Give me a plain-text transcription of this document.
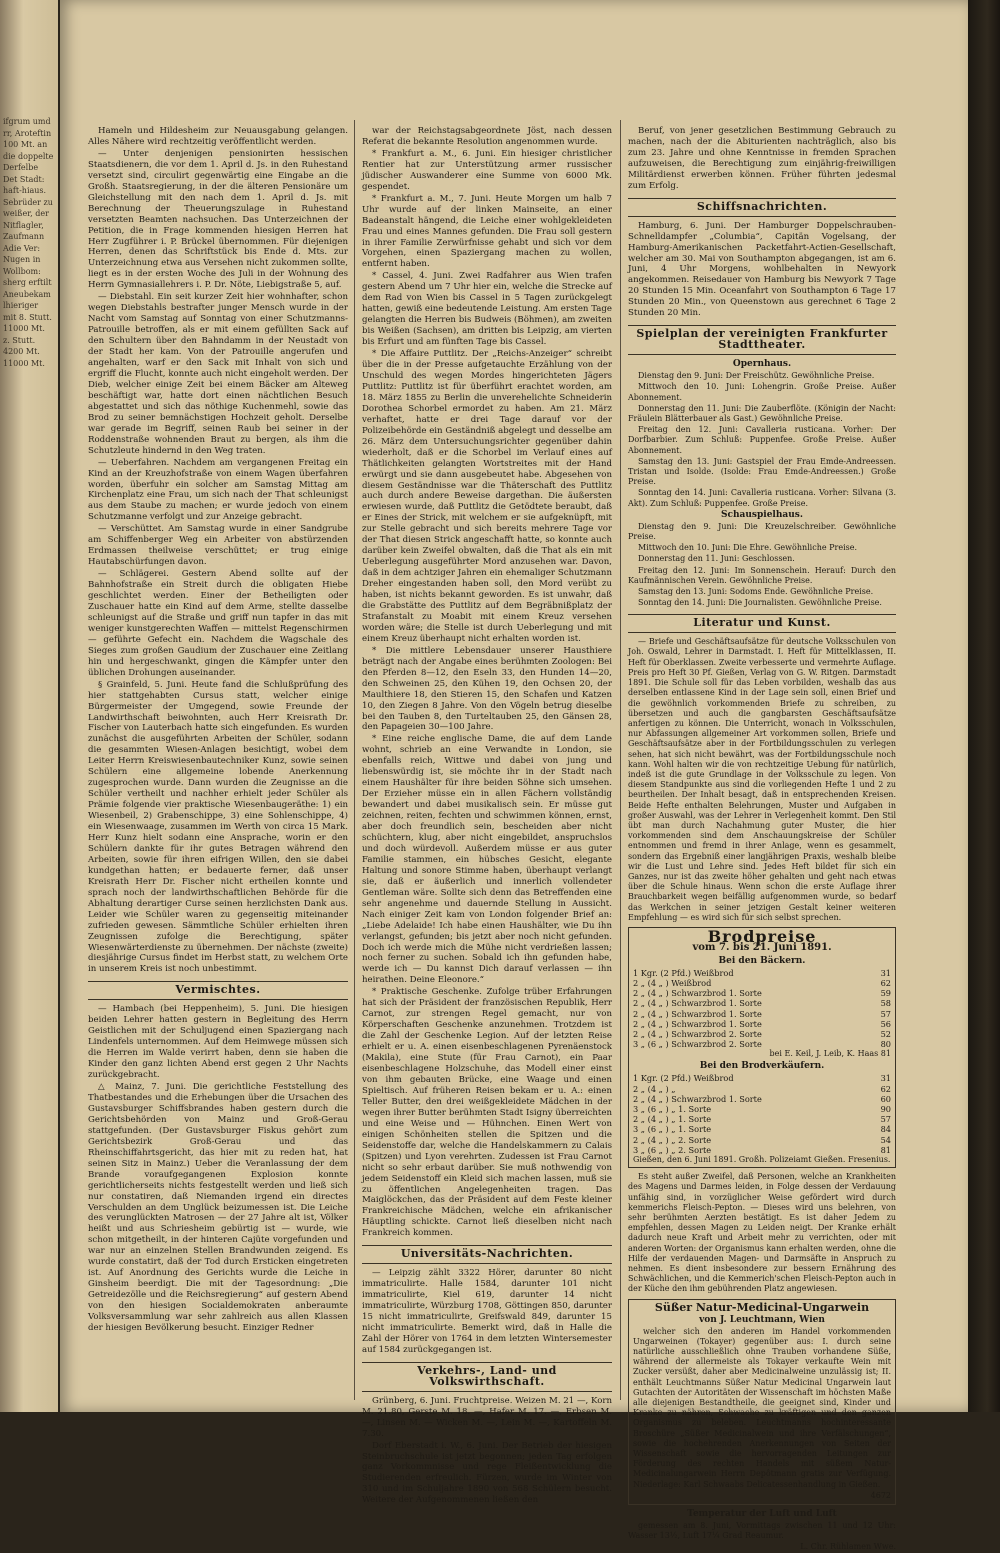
ifgrum umd
rr, Aroteftin
100 Mt. an
die doppelte
Derfelbe
Det Stadt:
haft-hiaus.
Sebrüder zu
weißer, der
Nitflagler,
Zaufmann
Adie Ver:
Nugen in
Wollbom:
sherg erftilt
Aneubekam
lhieriger
mit 8. Stutt.
11000 Mt.
z. Stutt.
4200 Mt.
11000 Mt.

Hameln und Hildesheim zur Neuausgabung gelangen. Alles Nähere wird rechtzeitig veröffentlicht werden.

— Unter denjenigen pensionirten hessischen Staatsdienern, die vor dem 1. April d. Js. in den Ruhestand versetzt sind, circulirt gegenwärtig eine Eingabe an die Großh. Staatsregierung, in der die älteren Pensionäre um Gleichstellung mit den nach dem 1. April d. Js. mit Berechnung der Theuerungszulage in Ruhestand versetzten Beamten nachsuchen. Das Unterzeichnen der Petition, die in Frage kommenden hiesigen Herren hat Herr Zugführer i. P. Brückel übernommen. Für diejenigen Herren, denen das Schriftstück bis Ende d. Mts. zur Unterzeichnung etwa aus Versehen nicht zukommen sollte, liegt es in der ersten Woche des Juli in der Wohnung des Herrn Gymnasiallehrers i. P. Dr. Nöte, Liebigstraße 5, auf.

— Diebstahl. Ein seit kurzer Zeit hier wohnhafter, schon wegen Diebstahls bestrafter junger Mensch wurde in der Nacht vom Samstag auf Sonntag von einer Schutzmanns-Patrouille betroffen, als er mit einem gefüllten Sack auf den Schultern über den Bahndamm in der Neustadt von der Stadt her kam. Von der Patrouille angerufen und angehalten, warf er den Sack mit Inhalt von sich und ergriff die Flucht, konnte auch nicht eingeholt werden. Der Dieb, welcher einige Zeit bei einem Bäcker am Alteweg beschäftigt war, hatte dort einen nächtlichen Besuch abgestattet und sich das nöthige Kuchenmehl, sowie das Brod zu seiner bemnächstigen Hochzeit geholt. Derselbe war gerade im Begriff, seinen Raub bei seiner in der Roddenstraße wohnenden Braut zu bergen, als ihm die Schutzleute hindernd in den Weg traten.

— Ueberfahren. Nachdem am vergangenen Freitag ein Kind an der Kreuzhofstraße von einem Wagen überfahren worden, überfuhr ein solcher am Samstag Mittag am Kirchenplatz eine Frau, um sich nach der That schleunigst aus dem Staube zu machen; er wurde jedoch von einem Schutzmanne verfolgt und zur Anzeige gebracht.

— Verschüttet. Am Samstag wurde in einer Sandgrube am Schiffenberger Weg ein Arbeiter von abstürzenden Erdmassen theilweise verschüttet; er trug einige Hautabschürfungen davon.

— Schlägerei. Gestern Abend sollte auf der Bahnhofstraße ein Streit durch die obligaten Hiebe geschlichtet werden. Einer der Betheiligten oder Zuschauer hatte ein Kind auf dem Arme, stellte dasselbe schleunigst auf die Straße und griff nun tapfer in das mit weniger kunstgerechten Waffen — mittelst Regenschirmen — geführte Gefecht ein. Nachdem die Wagschale des Sieges zum großen Gaudium der Zuschauer eine Zeitlang hin und hergeschwankt, gingen die Kämpfer unter den üblichen Drohungen auseinander.

§ Grainfeld, 5. Juni. Heute fand die Schlußprüfung des hier stattgehabten Cursus statt, welcher einige Bürgermeister der Umgegend, sowie Freunde der Landwirthschaft beiwohnten, auch Herr Kreisrath Dr. Fischer von Lauterbach hatte sich eingefunden. Es wurden zunächst die ausgeführten Arbeiten der Schüler, sodann die gesammten Wiesen-Anlagen besichtigt, wobei dem Leiter Herrn Kreiswiesenbautechniker Kunz, sowie seinen Schülern eine allgemeine lobende Anerkennung zugesprochen wurde. Dann wurden die Zeugnisse an die Schüler vertheilt und nachher erhielt jeder Schüler als Prämie folgende vier praktische Wiesenbaugeräthe: 1) ein Wiesenbeil, 2) Grabenschippe, 3) eine Sohlenschippe, 4) ein Wiesenwaage, zusammen im Werth von circa 15 Mark. Herr Kunz hielt sodann eine Ansprache, worin er den Schülern dankte für ihr gutes Betragen während den Arbeiten, sowie für ihren eifrigen Willen, den sie dabei kundgethan hatten; er bedauerte ferner, daß unser Kreisrath Herr Dr. Fischer nicht ertheilen konnte und sprach noch der landwirthschaftlichen Behörde für die Abhaltung derartiger Curse seinen herzlichsten Dank aus. Leider wie Schüler waren zu gegenseitig miteinander zufrieden gewesen. Sämmtliche Schüler erhielten ihren Zeugnissen zufolge die Berechtigung, später Wiesenwärterdienste zu übernehmen. Der nächste (zweite) diesjährige Cursus findet im Herbst statt, zu welchem Orte in unserem Kreis ist noch unbestimmt.

Vermischtes.

— Hambach (bei Heppenheim), 5. Juni. Die hiesigen beiden Lehrer hatten gestern in Begleitung des Herrn Geistlichen mit der Schuljugend einen Spaziergang nach Lindenfels unternommen. Auf dem Heimwege müssen sich die Herren im Walde verirrt haben, denn sie haben die Kinder den ganz lichten Abend erst gegen 2 Uhr Nachts zurückgebracht.

△ Mainz, 7. Juni. Die gerichtliche Feststellung des Thatbestandes und die Erhebungen über die Ursachen des Gustavsburger Schiffsbrandes haben gestern durch die Gerichtsbehörden von Mainz und Groß-Gerau stattgefunden. (Der Gustavsburger Fiskus gehört zum Gerichtsbezirk Groß-Gerau und das Rheinschiffahrtsgericht, das hier mit zu reden hat, hat seinen Sitz in Mainz.) Ueber die Veranlassung der dem Brande voraufgegangenen Explosion konnte gerichtlicherseits nichts festgestellt werden und ließ sich nur constatiren, daß Niemanden irgend ein directes Verschulden an dem Unglück beizumessen ist. Die Leiche des verunglückten Matrosen — der 27 Jahre alt ist, Völker heißt und aus Schriesheim gebürtig ist — wurde, wie schon mitgetheilt, in der hinteren Cajüte vorgefunden und war nur an einzelnen Stellen Brandwunden zeigend. Es wurde constatirt, daß der Tod durch Ersticken eingetreten ist. Auf Anordnung des Gerichts wurde die Leiche in Ginsheim beerdigt. Die mit der Tagesordnung: „Die Getreidezölle und die Reichsregierung“ auf gestern Abend von den hiesigen Socialdemokraten anberaumte Volksversammlung war sehr zahlreich aus allen Klassen der hiesigen Bevölkerung besucht. Einziger Redner

war der Reichstagsabgeordnete Jöst, nach dessen Referat die bekannte Resolution angenommen wurde.

* Frankfurt a. M., 6. Juni. Ein hiesiger christlicher Rentier hat zur Unterstützung armer russischer jüdischer Auswanderer eine Summe von 6000 Mk. gespendet.

* Frankfurt a. M., 7. Juni. Heute Morgen um halb 7 Uhr wurde auf der linken Mainseite, an einer Badeanstalt hängend, die Leiche einer wohlgekleideten Frau und eines Mannes gefunden. Die Frau soll gestern in ihrer Familie Zerwürfnisse gehabt und sich vor dem Vorgehen, einen Spaziergang machen zu wollen, entfernt haben.

* Cassel, 4. Juni. Zwei Radfahrer aus Wien trafen gestern Abend um 7 Uhr hier ein, welche die Strecke auf dem Rad von Wien bis Cassel in 5 Tagen zurückgelegt hatten, gewiß eine bedeutende Leistung. Am ersten Tage gelangten die Herren bis Budweis (Böhmen), am zweiten bis Weißen (Sachsen), am dritten bis Leipzig, am vierten bis Erfurt und am fünften Tage bis Cassel.

* Die Affaire Puttlitz. Der „Reichs-Anzeiger“ schreibt über die in der Presse aufgetauchte Erzählung von der Unschuld des wegen Mordes hingerichteten Jägers Puttlitz: Puttlitz ist für überführt erachtet worden, am 18. März 1855 zu Berlin die unverehelichte Schneiderin Dorothea Schorbel ermordet zu haben. Am 21. März verhaftet, hatte er drei Tage darauf vor der Polizeibehörde ein Geständniß abgelegt und desselbe am 26. März dem Untersuchungsrichter gegenüber dahin wiederholt, daß er die Schorbel im Verlauf eines auf Thätlichkeiten gelangten Wortstreites mit der Hand erwürgt und sie dann ausgebeutet habe. Abgesehen von diesem Geständnisse war die Thäterschaft des Puttlitz auch durch andere Beweise dargethan. Die äußersten erwiesen wurde, daß Puttlitz die Getödtete beraubt, daß er Eines der Strick, mit welchem er sie aufgeknüpft, mit zur Stelle gebracht und sich bereits mehrere Tage vor der That diesen Strick angeschafft hatte, so konnte auch darüber kein Zweifel obwalten, daß die That als ein mit Ueberlegung ausgeführter Mord anzusehen war. Davon, daß in dem achtziger Jahren ein ehemaliger Schutzmann Dreher eingestanden haben soll, den Mord verübt zu haben, ist nichts bekannt geworden. Es ist unwahr, daß die Grabstätte des Puttlitz auf dem Begräbnißplatz der Strafanstalt zu Moabit mit einem Kreuz versehen worden wäre; die Stelle ist durch Ueberlegung und mit einem Kreuz überhaupt nicht erhalten worden ist.

* Die mittlere Lebensdauer unserer Hausthiere beträgt nach der Angabe eines berühmten Zoologen: Bei den Pferden 8—12, den Eseln 33, den Hunden 14—20, den Schweinen 25, den Kühen 19, den Ochsen 20, der Maulthiere 18, den Stieren 15, den Schafen und Katzen 10, den Ziegen 8 Jahre. Von den Vögeln betrug dieselbe bei den Tauben 8, den Turteltauben 25, den Gänsen 28, den Papageien 30—100 Jahre.

* Eine reiche englische Dame, die auf dem Lande wohnt, schrieb an eine Verwandte in London, sie ebenfalls reich, Wittwe und dabei von jung und liebenswürdig ist, sie möchte ihr in der Stadt nach einem Haushälter für ihre beiden Söhne sich umsehen. Der Erzieher müsse ein in allen Fächern vollständig bewandert und dabei musikalisch sein. Er müsse gut zeichnen, reiten, fechten und schwimmen können, ernst, aber doch freundlich sein, bescheiden aber nicht schüchtern, klug, aber nicht eingebildet, anspruchslos und doch würdevoll. Außerdem müsse er aus guter Familie stammen, ein hübsches Gesicht, elegante Haltung und sonore Stimme haben, überhaupt verlangt sie, daß er äußerlich und innerlich vollendeter Gentleman wäre. Sollte sich denn das Betreffenden eine sehr angenehme und dauernde Stellung in Aussicht. Nach einiger Zeit kam von London folgender Brief an: „Liebe Adelaide! Ich habe einen Haushälter, wie Du ihn verlangst, gefunden; bis jetzt aber noch nicht gefunden. Doch ich werde mich die Mühe nicht verdrießen lassen; noch ferner zu suchen. Sobald ich ihn gefunden habe, werde ich — Du kannst Dich darauf verlassen — ihn heirathen. Deine Eleonore.“

* Praktische Geschenke. Zufolge trüber Erfahrungen hat sich der Präsident der französischen Republik, Herr Carnot, zur strengen Regel gemacht, nur von Körperschaften Geschenke anzunehmen. Trotzdem ist die Zahl der Geschenke Legion. Auf der letzten Reise erhielt er u. A. einen eisenbeschlagenen Pyrenäenstock (Makila), eine Stute (für Frau Carnot), ein Paar eisenbeschlagene Holzschuhe, das Modell einer einst von ihm gebauten Brücke, eine Waage und einen Spieltisch. Auf früheren Reisen bekam er u. A.: einen Teller Butter, den drei weißgekleidete Mädchen in der wegen ihrer Butter berühmten Stadt Isigny überreichten und eine Weise und — Hühnchen. Einen Wert von einigen Schönheiten stellen die Spitzen und die Seidenstoffe dar, welche die Handelskammern zu Calais (Spitzen) und Lyon verehrten. Zudessen ist Frau Carnot nicht so sehr erbaut darüber. Sie muß nothwendig von jedem Seidenstoff ein Kleid sich machen lassen, muß sie zu öffentlichen Angelegenheiten tragen. Das Maiglöckchen, das der Präsident auf dem Feste kleiner Frankreichische Mädchen, welche ein afrikanischer Häuptling schickte. Carnot ließ dieselben nicht nach Frankreich kommen.

Universitäts-Nachrichten.

— Leipzig zählt 3322 Hörer, darunter 80 nicht immatriculirte. Halle 1584, darunter 101 nicht immatriculirte, Kiel 619, darunter 14 nicht immatriculirte, Würzburg 1708, Göttingen 850, darunter 15 nicht immatriculirte, Greifswald 849, darunter 15 nicht immatriculirte. Bemerkt wird, daß in Halle die Zahl der Hörer von 1764 in dem letzten Wintersemester auf 1584 zurückgegangen ist.

Verkehrs-, Land- und Volkswirthschaft.

Grünberg, 6. Juni. Fruchtpreise. Weizen M. 21 —, Korn M. 21.80, Gerste M. 18. —, Hafer M. 17. —, Erbsen M. —, Linsen M. — Wicken M. —, Lein M. —, Kartoffeln M. 7.30.

Dorf Eberstadt i. W., 6. Juni. Der Betrieb der hiesigen Steinbruchschule ist jetzt begonnen; jeden Tag erfolgen ganz Vorkommnisse und rege Fleißentwicklung die Studierenden erfreulich. Fürzen, wurde im Winter von 310 und im Schuljahre 1890 von 568 Schülern besucht. Weitere der Aufgenommenen ließen den

Beruf, von jener gesetzlichen Bestimmung Gebrauch zu machen, nach der die Abiturienten nachträglich, also bis zum 23. Jahre und ohne Kenntnisse in fremden Sprachen aufzuweisen, die Berechtigung zum einjährig-freiwilligen Militärdienst erwerben können. Früher führten jedesmal zum Erfolg.

Schiffsnachrichten.

Hamburg, 6. Juni. Der Hamburger Doppelschrauben-Schnelldampfer „Columbia“, Capitän Vogelsang, der Hamburg-Amerikanischen Packetfahrt-Actien-Gesellschaft, welcher am 30. Mai von Southampton abgegangen, ist am 6. Juni, 4 Uhr Morgens, wohlbehalten in Newyork angekommen. Reisedauer von Hamburg bis Newyork 7 Tage 20 Stunden 15 Min. Oceanfahrt von Southampton 6 Tage 17 Stunden 20 Min., von Queenstown aus gerechnet 6 Tage 2 Stunden 20 Min.

Spielplan der vereinigten Frankfurter Stadttheater.
Opernhaus.

Dienstag den 9. Juni: Der Freischütz. Gewöhnliche Preise.

Mittwoch den 10. Juni: Lohengrin. Große Preise. Außer Abonnement.

Donnerstag den 11. Juni: Die Zauberflöte. (Königin der Nacht: Fräulein Blätterbauer als Gast.) Gewöhnliche Preise.

Freitag den 12. Juni: Cavalleria rusticana. Vorher: Der Dorfbarbier. Zum Schluß: Puppenfee. Große Preise. Außer Abonnement.

Samstag den 13. Juni: Gastspiel der Frau Emde-Andreessen. Tristan und Isolde. (Isolde: Frau Emde-Andreessen.) Große Preise.

Sonntag den 14. Juni: Cavalleria rusticana. Vorher: Silvana (3. Akt). Zum Schluß: Puppenfee. Große Preise.

Schauspielhaus.

Dienstag den 9. Juni: Die Kreuzelschreiber. Gewöhnliche Preise.

Mittwoch den 10. Juni: Die Ehre. Gewöhnliche Preise.

Donnerstag den 11. Juni: Geschlossen.

Freitag den 12. Juni: Im Sonnenschein. Herauf: Durch den Kaufmännischen Verein. Gewöhnliche Preise.

Samstag den 13. Juni: Sodoms Ende. Gewöhnliche Preise.

Sonntag den 14. Juni: Die Journalisten. Gewöhnliche Preise.

Literatur und Kunst.

— Briefe und Geschäftsaufsätze für deutsche Volksschulen von Joh. Oswald, Lehrer in Darmstadt. I. Heft für Mittelklassen, II. Heft für Oberklassen. Zweite verbesserte und vermehrte Auflage. Preis pro Heft 30 Pf. Gießen, Verlag von G. W. Ritgen. Darmstadt 1891. Die Schule soll für das Leben vorbilden, weshalb das aus derselben entlassene Kind in der Lage sein soll, einen Brief und die gewöhnlich vorkommenden Briefe zu schreiben, zu übersetzen und auch die gangbarsten Geschäftsaufsätze anfertigen zu können. Die Unterricht, wonach in Volksschulen, nur Abfassungen allgemeiner Art vorkommen sollen, Briefe und Geschäftsaufsätze aber in der Fortbildungsschulen zu verlegen sehen, hat sich nicht bewährt, was der Fortbildungsschule noch kann. Wohl halten wir die von rechtzeitige Uebung für natürlich, indeß ist die gute Grundlage in der Volksschule zu legen. Von diesem Standpunkte aus sind die vorliegenden Hefte 1 und 2 zu beurtheilen. Der Inhalt besagt, daß in entsprechenden Kreisen. Beide Hefte enthalten Belehrungen, Muster und Aufgaben in großer Auswahl, was der Lehrer in Verlegenheit kommt. Den Stil übt man durch Nachahmung guter Muster, die hier vorkommenden sind dem Anschauungskreise der Schüler entnommen und fremd in ihrer Anlage, wenn es gesammelt, sondern das Ergebniß einer langjährigen Praxis, weshalb bleibe wir die Lust und Lehre sind. Jedes Heft bildet für sich ein Ganzes, nur ist das zweite höher gehalten und geht nach etwas über die Schule hinaus. Wenn schon die erste Auflage ihrer Brauchbarkeit wegen beifällig aufgenommen wurde, so bedarf das Werkchen in seiner jetzigen Gestalt keiner weiteren Empfehlung — es wird sich für sich selbst sprechen.

Brodpreise
vom 7. bis 21. Juni 1891.
Bei den Bäckern.
1 Kgr. (2 Pfd.) Weißbrod	31
2 „ (4 „ ) Weißbrod	62
2 „ (4 „ ) Schwarzbrod 1. Sorte	59
2 „ (4 „ ) Schwarzbrod 1. Sorte	58
2 „ (4 „ ) Schwarzbrod 1. Sorte	57
2 „ (4 „ ) Schwarzbrod 1. Sorte	56
2 „ (4 „ ) Schwarzbrod 2. Sorte	52
3 „ (6 „ ) Schwarzbrod 2. Sorte	80
bei E. Keil, J. Leib, K. Haas 81
Bei den Brodverkäufern.
1 Kgr. (2 Pfd.) Weißbrod	31
2 „ (4 „ ) „	62
2 „ (4 „ ) Schwarzbrod 1. Sorte	60
3 „ (6 „ ) „ 1. Sorte	90
2 „ (4 „ ) „ 1. Sorte	57
3 „ (6 „ ) „ 1. Sorte	84
2 „ (4 „ ) „ 2. Sorte	54
3 „ (6 „ ) „ 2. Sorte	81
Gießen, den 6. Juni 1891. Großh. Polizeiamt Gießen. Fresenius.

Es steht außer Zweifel, daß Personen, welche an Krankheiten des Magens und Darmes leiden, in Folge dessen der Verdauung unfähig sind, in vorzüglicher Weise gefördert wird durch kemmerichs Fleisch-Pepton. — Dieses wird uns belehren, von sehr berühmten Aerzten bestätigt. Es ist daher Jedem zu empfehlen, dessen Magen zu Leiden neigt. Der Kranke erhält dadurch neue Kraft und Arbeit mehr zu verrichten, oder mit anderen Worten: der Organismus kann erhalten werden, ohne die Hilfe der verdauenden Magen- und Darmsäfte in Anspruch zu nehmen. Es dient insbesondere zur bessern Ernährung des Schwächlichen, und die Kemmerich'schen Fleisch-Pepton auch in der Küche den ihm gebührenden Platz angewiesen.

Süßer Natur-Medicinal-Ungarwein
von J. Leuchtmann, Wien

welcher sich den anderen im Handel vorkommenden Ungarweinen (Tokayer) gegenüber aus: I. durch seine natürliche ausschließlich ohne Trauben vorhandene Süße, während der allermeiste als Tokayer verkaufte Wein mit Zucker versüßt, daher aber Medicinalweine unzulässig ist; II. enthält Leuchtmanns Süßer Natur Medicinal Ungarwein laut Gutachten der Autoritäten der Wissenschaft im höchsten Maße alle diejenigen Bestandtheile, die geeignet sind, Kinder und Kranke zu nähren, Schwache zu kräftigen und den ganzen Organismus zu beleben. Leuchtmanns hochinteressante Broschüre „Süßer Medicinalwein und ihre Verfälschungen“, sowie die hochehrenden Anerkennungen von Seiten der Wissenschaft sowie die hervorragenden Leitungen zur Förderung des rechten Handels mit süßem Natur-Medicinalungarwein Herrn Depôtmann gratis zur Verfügung. Niederlage: Karl Schwaabs Delicatessenhandlung in Gießen.

4672
Temperatur der Luft und Luft

gemessen am 8. Juni, Vormittags zwischen 11 und 12 Uhr: Wasser 13½, Luft 17¼ Grad Reaumur.

L. Chr. Rühlamen Wwe.
